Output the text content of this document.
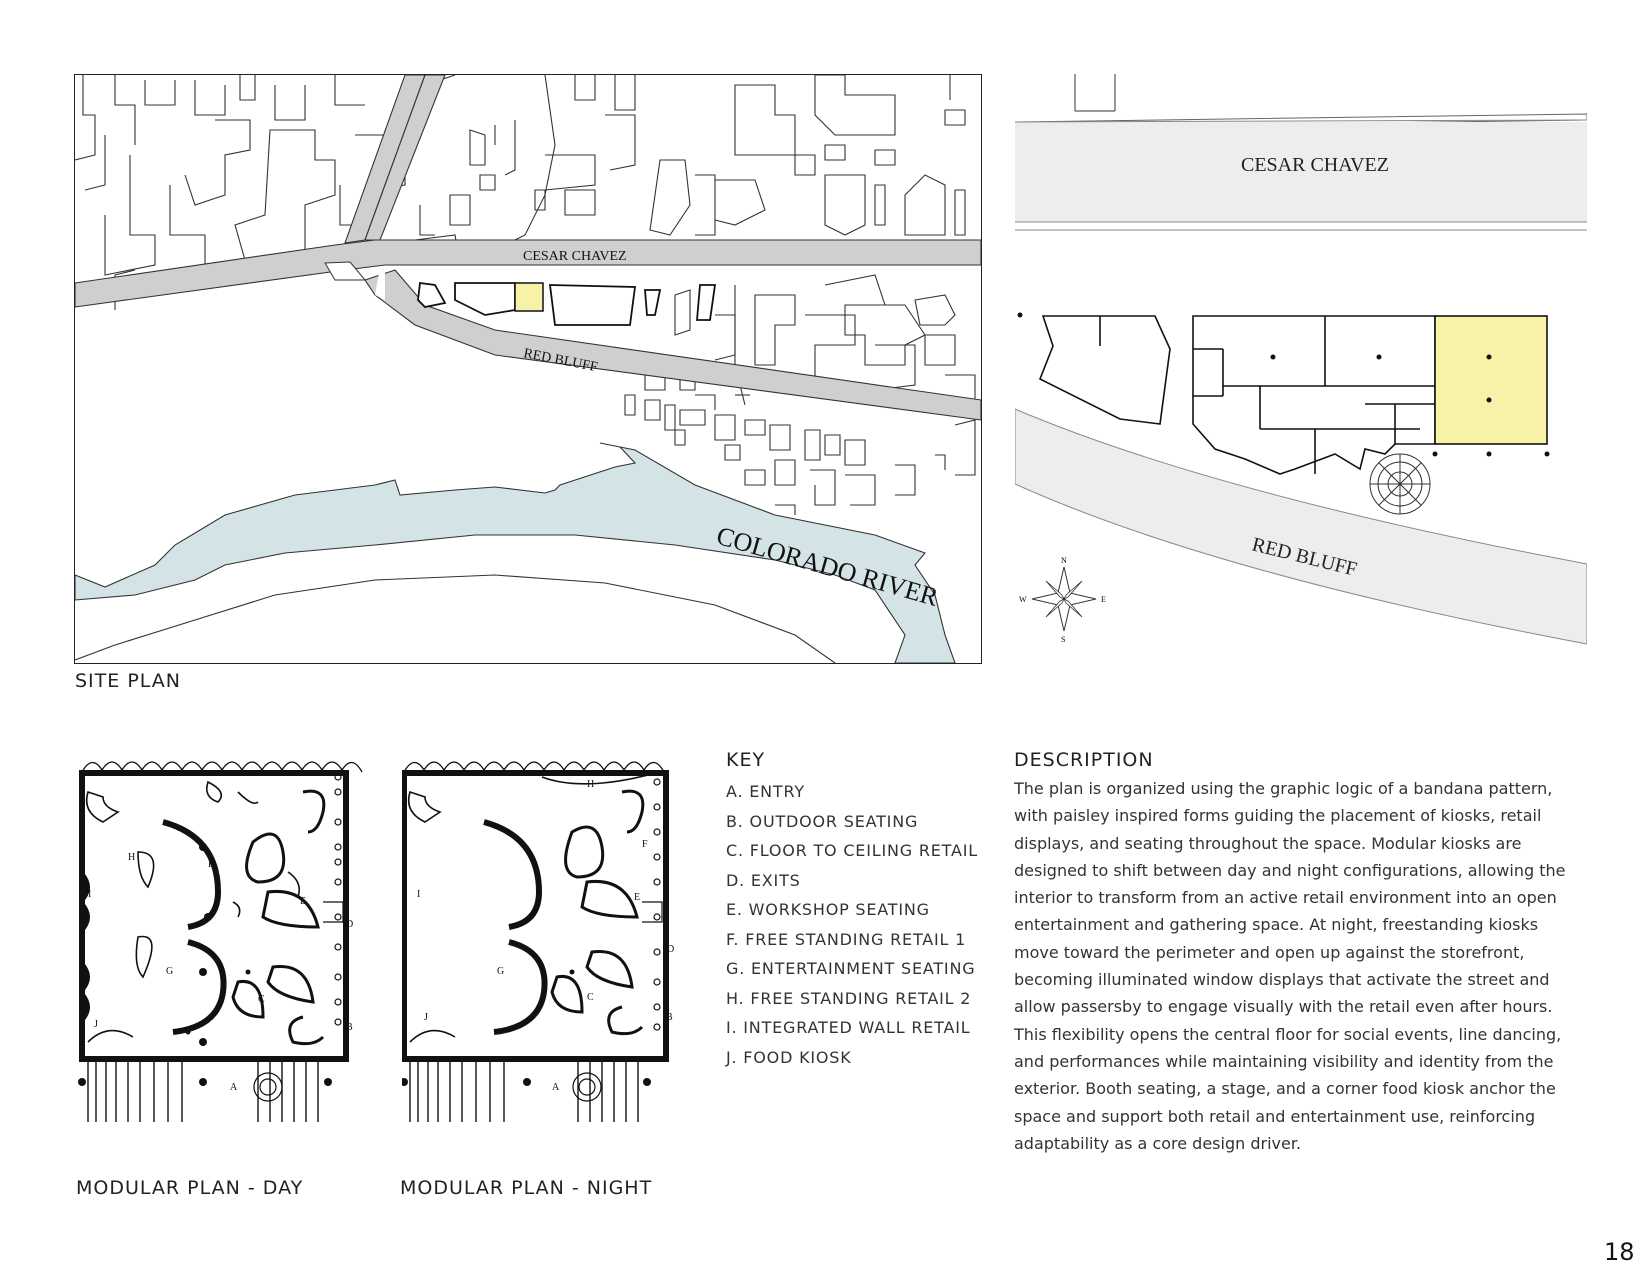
CESAR CHAVEZ
RED BLUFF
COLORADO RIVER
SITE PLAN
CESAR CHAVEZ
RED BLUFF
N
E
S
W
A
B
C
D
E
F
G
H
I
J
MODULAR PLAN - DAY
A
B
C
D
E
F
G
H
I
J
MODULAR PLAN - NIGHT
KEY
A. ENTRY
B. OUTDOOR SEATING
C. FLOOR TO CEILING RETAIL
D. EXITS
E. WORKSHOP SEATING
F. FREE STANDING RETAIL 1
G. ENTERTAINMENT SEATING
H. FREE STANDING RETAIL 2
I. INTEGRATED WALL RETAIL
J. FOOD KIOSK
DESCRIPTION
The plan is organized using the graphic logic of a bandana pattern, with paisley inspired forms guiding the placement of kiosks, retail displays, and seating throughout the space. Modular kiosks are designed to shift between day and night configurations, allowing the interior to transform from an active retail environment into an open entertainment and gathering space. At night, freestanding kiosks move toward the perimeter and open up against the storefront, becoming illuminated window displays that activate the street and allow passersby to engage visually with the retail even after hours. This flexibility opens the central floor for social events, line dancing, and performances while maintaining visibility and identity from the exterior. Booth seating, a stage, and a corner food kiosk anchor the space and support both retail and entertainment use, reinforcing adaptability as a core design driver.
18
